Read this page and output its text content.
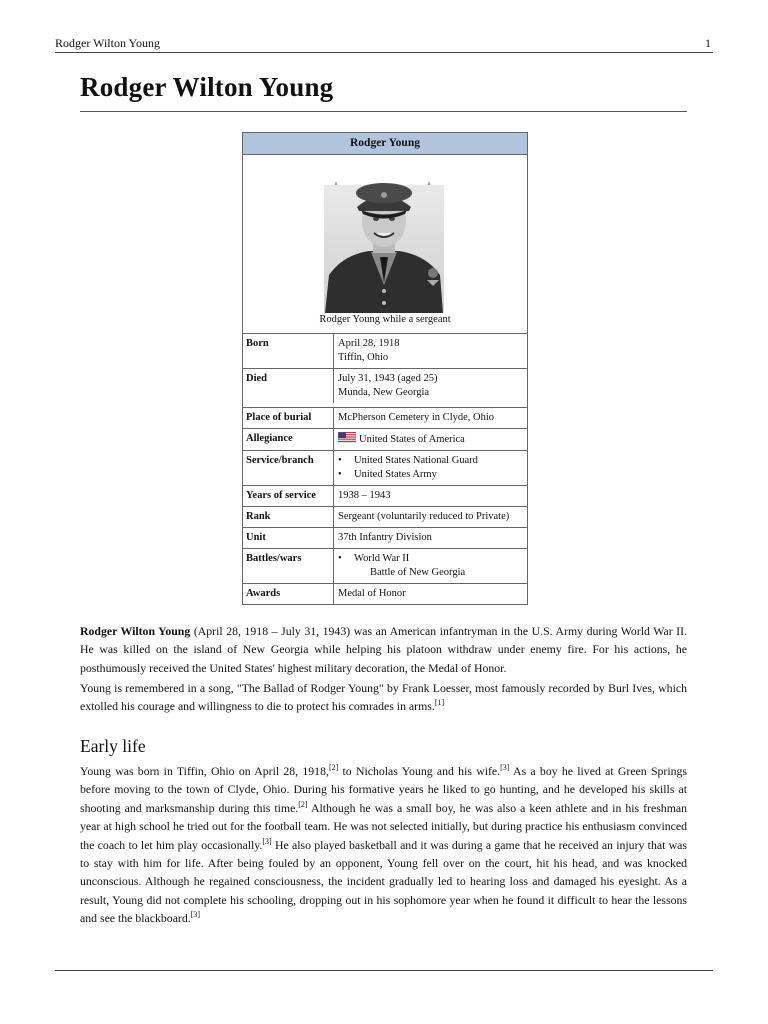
Rodger Wilton Young	1
Rodger Wilton Young
Rodger Young
Rodger Young while a sergeant
Born	April 28, 1918
Tiffin, Ohio
Died	July 31, 1943 (aged 25)
Munda, New Georgia
Place of burial	McPherson Cemetery in Clyde, Ohio
Allegiance	United States of America
Service/branch	• United States National Guard
• United States Army
Years of service	1938 – 1943
Rank	Sergeant (voluntarily reduced to Private)
Unit	37th Infantry Division
Battles/wars	• World War II
Battle of New Georgia
Awards	Medal of Honor

Rodger Wilton Young (April 28, 1918 – July 31, 1943) was an American infantryman in the U.S. Army during World War II. He was killed on the island of New Georgia while helping his platoon withdraw under enemy fire. For his actions, he posthumously received the United States' highest military decoration, the Medal of Honor.

Young is remembered in a song, "The Ballad of Rodger Young" by Frank Loesser, most famously recorded by Burl Ives, which extolled his courage and willingness to die to protect his comrades in arms.[1]

Early life

Young was born in Tiffin, Ohio on April 28, 1918,[2] to Nicholas Young and his wife.[3] As a boy he lived at Green Springs before moving to the town of Clyde, Ohio. During his formative years he liked to go hunting, and he developed his skills at shooting and marksmanship during this time.[2] Although he was a small boy, he was also a keen athlete and in his freshman year at high school he tried out for the football team. He was not selected initially, but during practice his enthusiasm convinced the coach to let him play occasionally.[3] He also played basketball and it was during a game that he received an injury that was to stay with him for life. After being fouled by an opponent, Young fell over on the court, hit his head, and was knocked unconscious. Although he regained consciousness, the incident gradually led to hearing loss and damaged his eyesight. As a result, Young did not complete his schooling, dropping out in his sophomore year when he found it difficult to hear the lessons and see the blackboard.[3]
